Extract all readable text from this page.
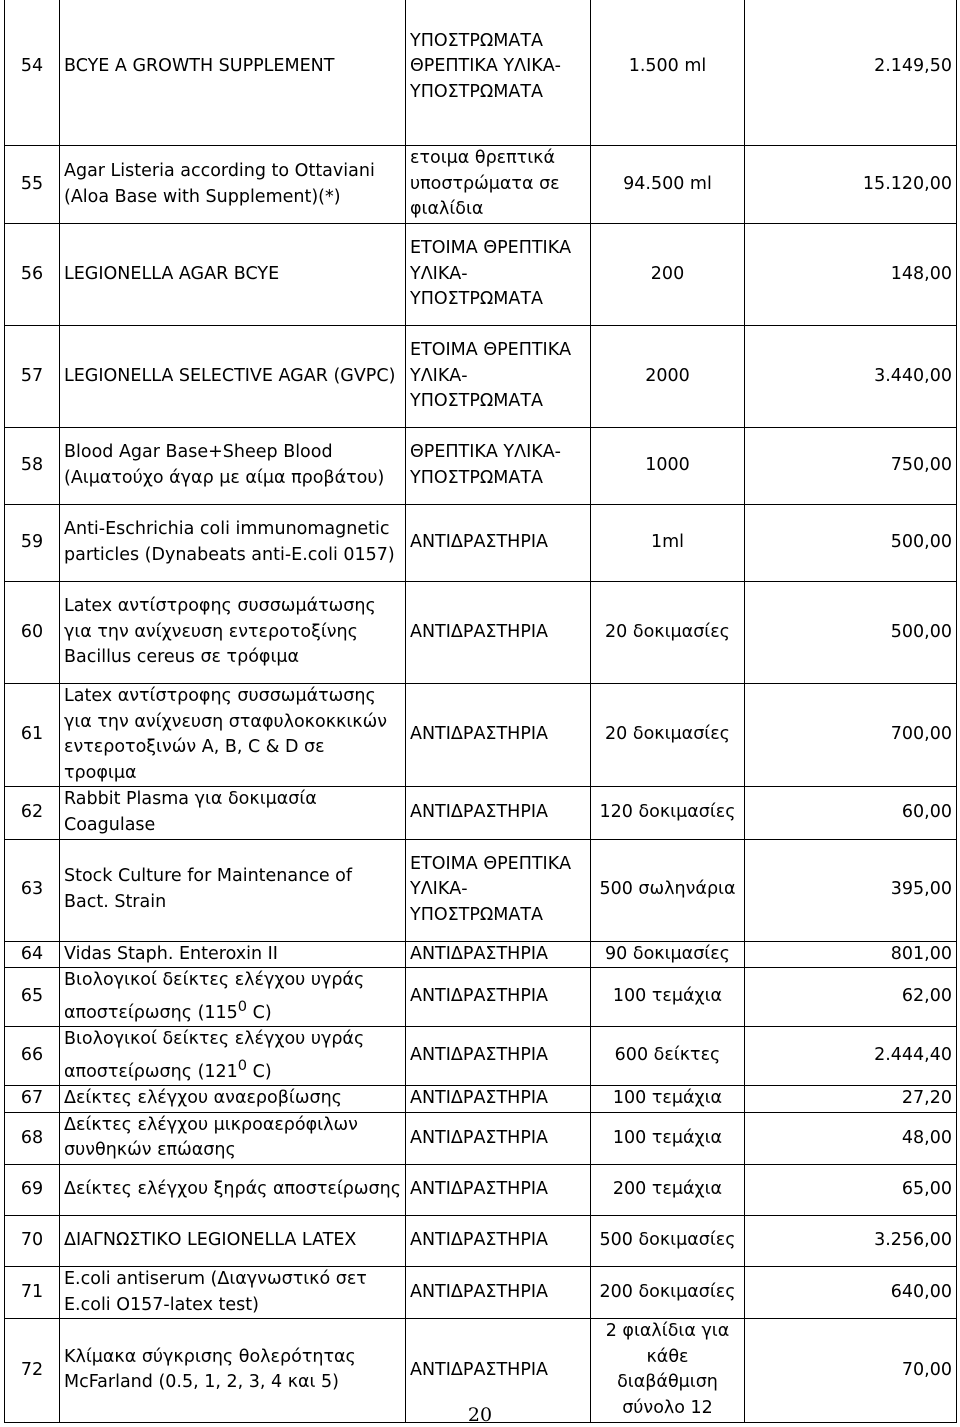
54	BCYE A GROWTH SUPPLEMENT	ΥΠΟΣΤΡΩΜΑΤΑ ΘΡΕΠΤΙΚΑ ΥΛΙΚΑ-ΥΠΟΣΤΡΩΜΑΤΑ	1.500 ml	2.149,50
55	Agar Listeria according to Ottaviani (Aloa Base with Supplement)(*)	ετοιμα θρεπτικά υποστρώματα σε φιαλίδια	94.500 ml	15.120,00
56	LEGIONELLA AGAR BCYE	ΕΤΟΙΜΑ ΘΡΕΠΤΙΚΑ ΥΛΙΚΑ-ΥΠΟΣΤΡΩΜΑΤΑ	200	148,00
57	LEGIONELLA SELECTIVE AGAR (GVPC)	ΕΤΟΙΜΑ ΘΡΕΠΤΙΚΑ ΥΛΙΚΑ-ΥΠΟΣΤΡΩΜΑΤΑ	2000	3.440,00
58	Blood Agar Base+Sheep Blood (Αιματούχο άγαρ με αίμα προβάτου)	ΘΡΕΠΤΙΚΑ ΥΛΙΚΑ-ΥΠΟΣΤΡΩΜΑΤΑ	1000	750,00
59	Anti-Eschrichia coli immunomagnetic particles (Dynabeats anti-E.coli 0157)	ΑΝΤΙΔΡΑΣΤΗΡΙΑ	1ml	500,00
60	Latex αντίστροφης συσσωμάτωσης για την ανίχνευση εντεροτοξίνης Bacillus cereus σε τρόφιμα	ΑΝΤΙΔΡΑΣΤΗΡΙΑ	20 δοκιμασίες	500,00
61	Latex αντίστροφης συσσωμάτωσης για την ανίχνευση σταφυλοκοκκικών εντεροτοξινών A, B, C & D σε τροφιμα	ΑΝΤΙΔΡΑΣΤΗΡΙΑ	20 δοκιμασίες	700,00
62	Rabbit Plasma για δοκιμασία Coagulase	ΑΝΤΙΔΡΑΣΤΗΡΙΑ	120 δοκιμασίες	60,00
63	Stock Culture for Maintenance of Bact. Strain	ΕΤΟΙΜΑ ΘΡΕΠΤΙΚΑ ΥΛΙΚΑ-ΥΠΟΣΤΡΩΜΑΤΑ	500 σωληνάρια	395,00
64	Vidas Staph. Enteroxin II	ΑΝΤΙΔΡΑΣΤΗΡΙΑ	90 δοκιμασίες	801,00
65	Βιολογικοί δείκτες ελέγχου υγράς αποστείρωσης ($115^0$ C)	ΑΝΤΙΔΡΑΣΤΗΡΙΑ	100 τεμάχια	62,00
66	Βιολογικοί δείκτες ελέγχου υγράς αποστείρωσης ($121^0$ C)	ΑΝΤΙΔΡΑΣΤΗΡΙΑ	600 δείκτες	2.444,40
67	Δείκτες ελέγχου αναεροβίωσης	ΑΝΤΙΔΡΑΣΤΗΡΙΑ	100 τεμάχια	27,20
68	Δείκτες ελέγχου μικροαερόφιλων συνθηκών επώασης	ΑΝΤΙΔΡΑΣΤΗΡΙΑ	100 τεμάχια	48,00
69	Δείκτες ελέγχου ξηράς αποστείρωσης	ΑΝΤΙΔΡΑΣΤΗΡΙΑ	200 τεμάχια	65,00
70	ΔΙΑΓΝΩΣΤΙΚΟ LEGIONELLA LATEX	ΑΝΤΙΔΡΑΣΤΗΡΙΑ	500 δοκιμασίες	3.256,00
71	E.coli antiserum (Διαγνωστικό σετ E.coli O157-latex test)	ΑΝΤΙΔΡΑΣΤΗΡΙΑ	200 δοκιμασίες	640,00
72	Κλίμακα σύγκρισης θολερότητας McFarland (0.5, 1, 2, 3, 4 και 5)	ΑΝΤΙΔΡΑΣΤΗΡΙΑ	2 φιαλίδια για κάθε διαβάθμιση σύνολο 12	70,00
20
